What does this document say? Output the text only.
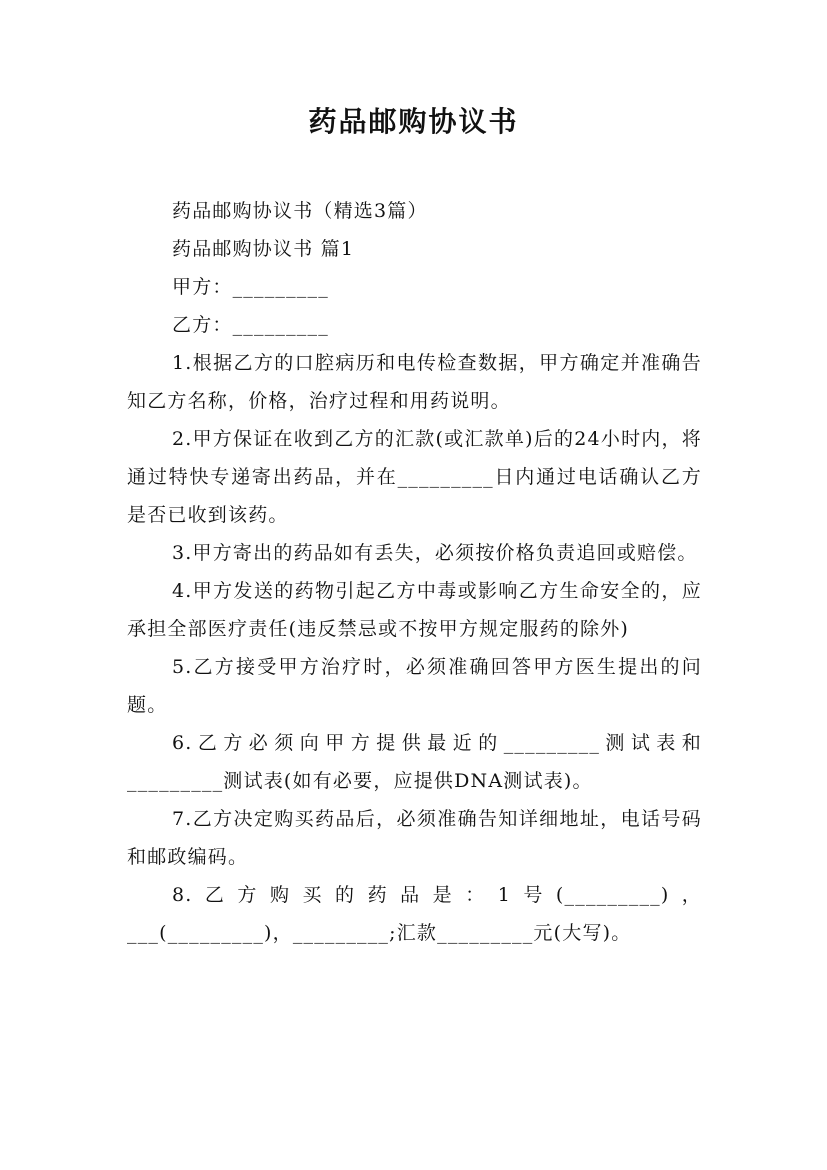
药品邮购协议书

药品邮购协议书（精选3篇）

药品邮购协议书 篇1

甲方：_________

乙方：_________

1.根据乙方的口腔病历和电传检查数据，甲方确定并准确告知乙方名称，价格，治疗过程和用药说明。

2.甲方保证在收到乙方的汇款(或汇款单)后的24小时内，将通过特快专递寄出药品，并在_________日内通过电话确认乙方是否已收到该药。

3.甲方寄出的药品如有丢失，必须按价格负责追回或赔偿。

4.甲方发送的药物引起乙方中毒或影响乙方生命安全的，应承担全部医疗责任(违反禁忌或不按甲方规定服药的除外)

5.乙方接受甲方治疗时，必须准确回答甲方医生提出的问题。

6.乙方必须向甲方提供最近的_________测试表和_________测试表(如有必要，应提供DNA测试表)。

7.乙方决定购买药品后，必须准确告知详细地址，电话号码和邮政编码。

8.乙方购买的药品是：1号(_________)，___(_________)，_________;汇款_________元(大写)。
